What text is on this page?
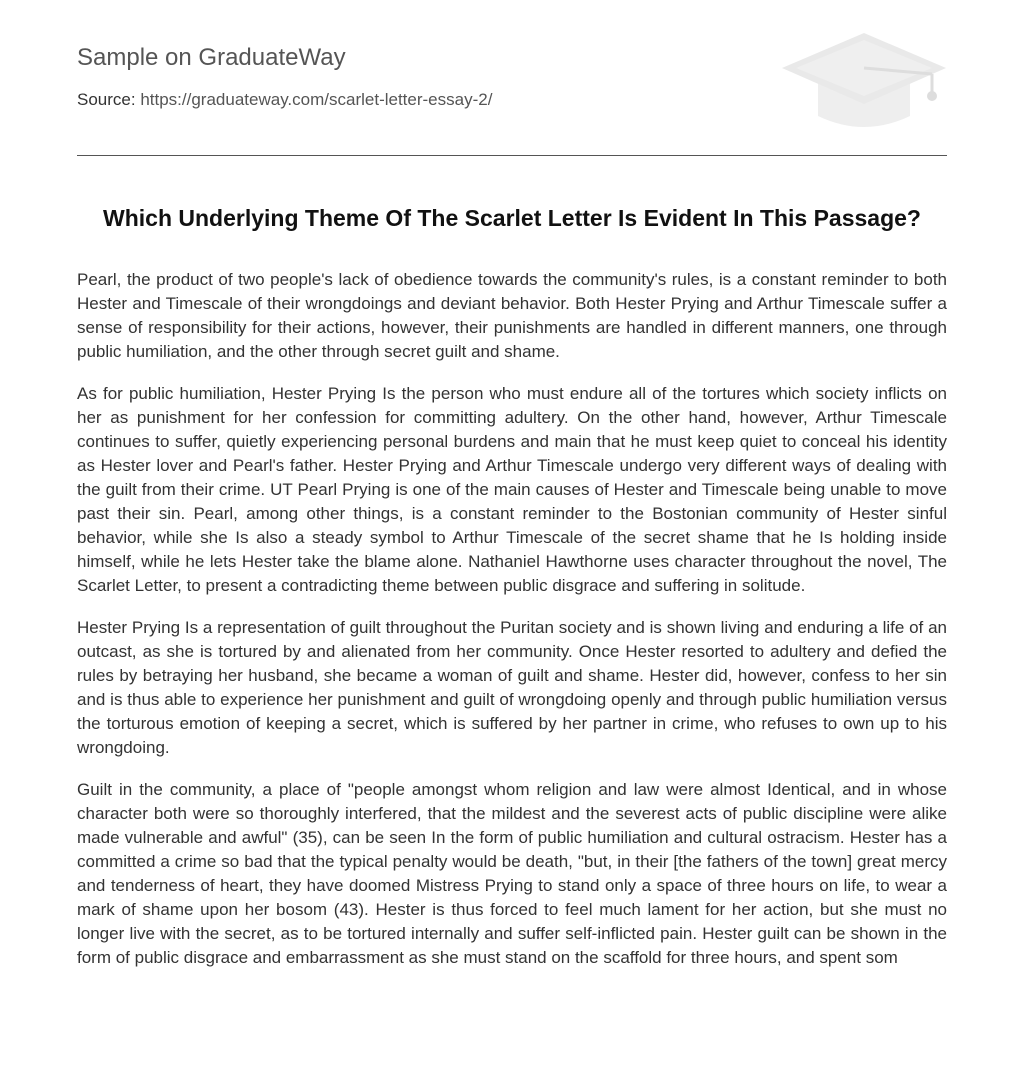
Sample on GraduateWay
Source: https://graduateway.com/scarlet-letter-essay-2/
Which Underlying Theme Of The Scarlet Letter Is Evident In This Passage?

Pearl, the product of two people's lack of obedience towards the community's rules, is a constant reminder to both Hester and Timescale of their wrongdoings and deviant behavior. Both Hester Prying and Arthur Timescale suffer a sense of responsibility for their actions, however, their punishments are handled in different manners, one through public humiliation, and the other through secret guilt and shame.

As for public humiliation, Hester Prying Is the person who must endure all of the tortures which society inflicts on her as punishment for her confession for committing adultery. On the other hand, however, Arthur Timescale continues to suffer, quietly experiencing personal burdens and main that he must keep quiet to conceal his identity as Hester lover and Pearl's father. Hester Prying and Arthur Timescale undergo very different ways of dealing with the guilt from their crime. UT Pearl Prying is one of the main causes of Hester and Timescale being unable to move past their sin. Pearl, among other things, is a constant reminder to the Bostonian community of Hester sinful behavior, while she Is also a steady symbol to Arthur Timescale of the secret shame that he Is holding inside himself, while he lets Hester take the blame alone. Nathaniel Hawthorne uses character throughout the novel, The Scarlet Letter, to present a contradicting theme between public disgrace and suffering in solitude.

Hester Prying Is a representation of guilt throughout the Puritan society and is shown living and enduring a life of an outcast, as she is tortured by and alienated from her community. Once Hester resorted to adultery and defied the rules by betraying her husband, she became a woman of guilt and shame. Hester did, however, confess to her sin and is thus able to experience her punishment and guilt of wrongdoing openly and through public humiliation versus the torturous emotion of keeping a secret, which is suffered by her partner in crime, who refuses to own up to his wrongdoing.

Guilt in the community, a place of "people amongst whom religion and law were almost Identical, and in whose character both were so thoroughly interfered, that the mildest and the severest acts of public discipline were alike made vulnerable and awful" (35), can be seen In the form of public humiliation and cultural ostracism. Hester has a committed a crime so bad that the typical penalty would be death, "but, in their [the fathers of the town] great mercy and tenderness of heart, they have doomed Mistress Prying to stand only a space of three hours on life, to wear a mark of shame upon her bosom (43). Hester is thus forced to feel much lament for her action, but she must no longer live with the secret, as to be tortured internally and suffer self-inflicted pain. Hester guilt can be shown in the form of public disgrace and embarrassment as she must stand on the scaffold for three hours, and spent som
